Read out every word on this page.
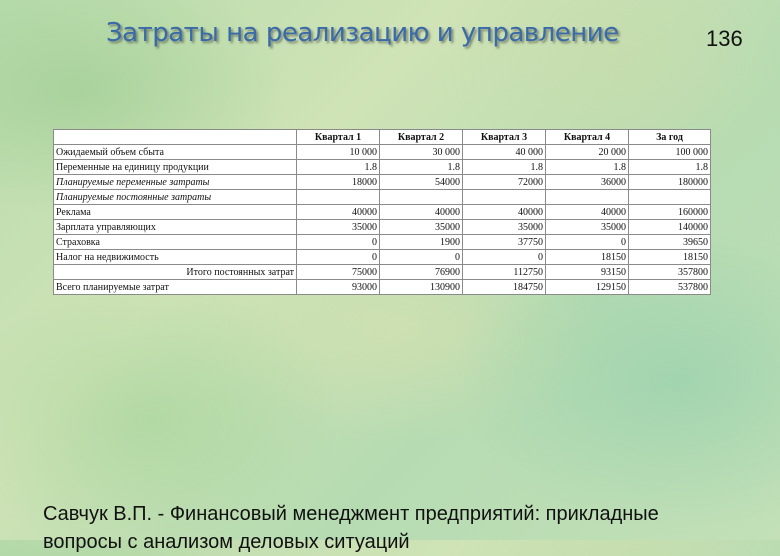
Затраты на реализацию и управление	136
	Квартал 1	Квартал 2	Квартал 3	Квартал 4	За год
Ожидаемый объем сбыта	10 000	30 000	40 000	20 000	100 000
Переменные на единицу продукции	1.8	1.8	1.8	1.8	1.8
Планируемые переменные затраты	18000	54000	72000	36000	180000
Планируемые постоянные затраты					
Реклама	40000	40000	40000	40000	160000
Зарплата управляющих	35000	35000	35000	35000	140000
Страховка	0	1900	37750	0	39650
Налог на недвижимость	0	0	0	18150	18150
Итого постоянных затрат	75000	76900	112750	93150	357800
Всего планируемые затрат	93000	130900	184750	129150	537800
Савчук В.П. - Финансовый менеджмент предприятий: прикладные вопросы с анализом деловых ситуаций
